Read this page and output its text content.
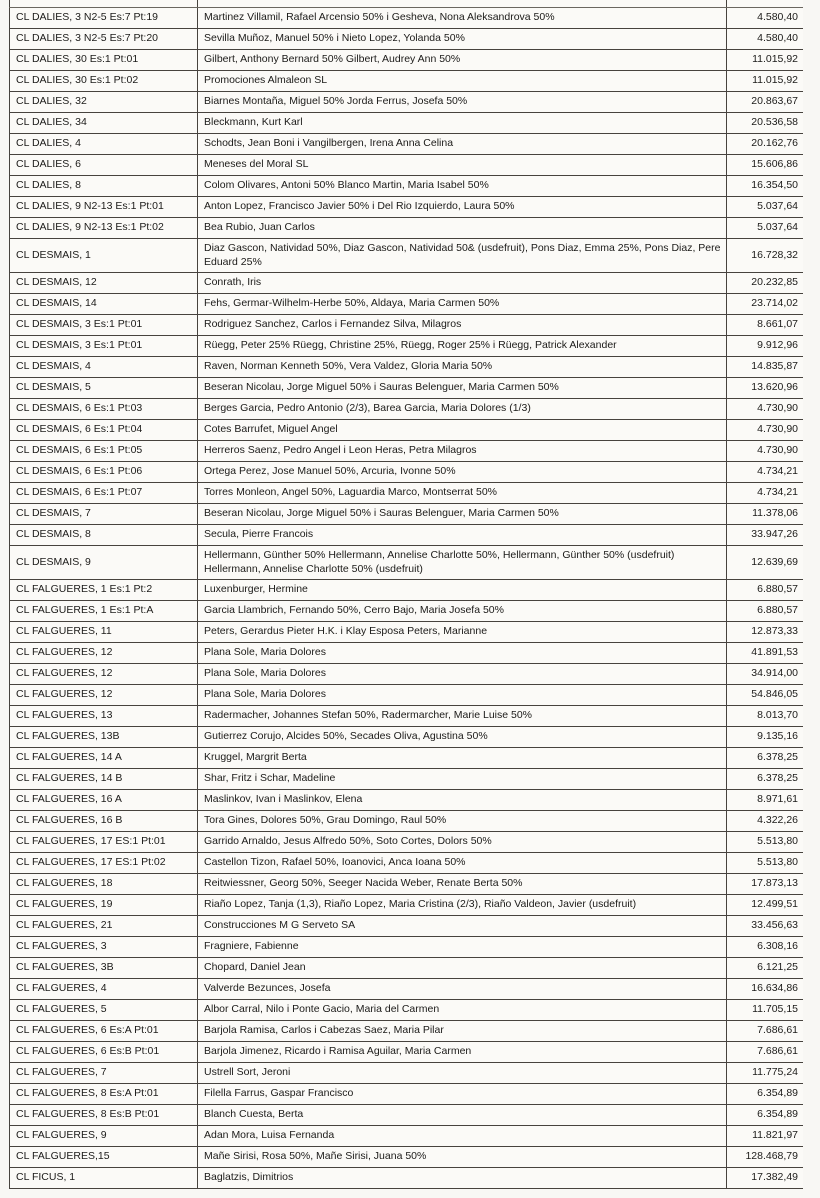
CL DALIES, 3 N2-5 Es:7 Pt:19	Martinez Villamil, Rafael Arcensio 50% i Gesheva, Nona Aleksandrova 50%	4.580,40
CL DALIES, 3 N2-5 Es:7 Pt:20	Sevilla Muñoz, Manuel 50% i Nieto Lopez, Yolanda 50%	4.580,40
CL DALIES, 30 Es:1 Pt:01	Gilbert, Anthony Bernard 50% Gilbert, Audrey Ann 50%	11.015,92
CL DALIES, 30 Es:1 Pt:02	Promociones Almaleon SL	11.015,92
CL DALIES, 32	Biarnes Montaña, Miguel 50% Jorda Ferrus, Josefa 50%	20.863,67
CL DALIES, 34	Bleckmann, Kurt Karl	20.536,58
CL DALIES, 4	Schodts, Jean Boni i Vangilbergen, Irena Anna Celina	20.162,76
CL DALIES, 6	Meneses del Moral SL	15.606,86
CL DALIES, 8	Colom Olivares, Antoni 50% Blanco Martin, Maria Isabel 50%	16.354,50
CL DALIES, 9 N2-13 Es:1 Pt:01	Anton Lopez, Francisco Javier 50% i Del Rio Izquierdo, Laura 50%	5.037,64
CL DALIES, 9 N2-13 Es:1 Pt:02	Bea Rubio, Juan Carlos	5.037,64
CL DESMAIS, 1	Diaz Gascon, Natividad 50%, Diaz Gascon, Natividad 50& (usdefruit), Pons Diaz, Emma 25%, Pons Diaz, Pere Eduard 25%	16.728,32
CL DESMAIS, 12	Conrath, Iris	20.232,85
CL DESMAIS, 14	Fehs, Germar-Wilhelm-Herbe 50%, Aldaya, Maria Carmen 50%	23.714,02
CL DESMAIS, 3 Es:1 Pt:01	Rodriguez Sanchez, Carlos i Fernandez Silva, Milagros	8.661,07
CL DESMAIS, 3 Es:1 Pt:01	Rüegg, Peter 25% Rüegg, Christine 25%, Rüegg, Roger 25% i Rüegg, Patrick Alexander	9.912,96
CL DESMAIS, 4	Raven, Norman Kenneth 50%, Vera Valdez, Gloria Maria 50%	14.835,87
CL DESMAIS, 5	Beseran Nicolau, Jorge Miguel 50% i Sauras Belenguer, Maria Carmen 50%	13.620,96
CL DESMAIS, 6 Es:1 Pt:03	Berges Garcia, Pedro Antonio (2/3), Barea Garcia, Maria Dolores (1/3)	4.730,90
CL DESMAIS, 6 Es:1 Pt:04	Cotes Barrufet, Miguel Angel	4.730,90
CL DESMAIS, 6 Es:1 Pt:05	Herreros Saenz, Pedro Angel i Leon Heras, Petra Milagros	4.730,90
CL DESMAIS, 6 Es:1 Pt:06	Ortega Perez, Jose Manuel 50%, Arcuria, Ivonne 50%	4.734,21
CL DESMAIS, 6 Es:1 Pt:07	Torres Monleon, Angel 50%, Laguardia Marco, Montserrat 50%	4.734,21
CL DESMAIS, 7	Beseran Nicolau, Jorge Miguel 50% i Sauras Belenguer, Maria Carmen 50%	11.378,06
CL DESMAIS, 8	Secula, Pierre Francois	33.947,26
CL DESMAIS, 9	Hellermann, Günther 50% Hellermann, Annelise Charlotte 50%, Hellermann, Günther 50% (usdefruit) Hellermann, Annelise Charlotte 50% (usdefruit)	12.639,69
CL FALGUERES, 1 Es:1 Pt:2	Luxenburger, Hermine	6.880,57
CL FALGUERES, 1 Es:1 Pt:A	Garcia Llambrich, Fernando 50%, Cerro Bajo, Maria Josefa 50%	6.880,57
CL FALGUERES, 11	Peters, Gerardus Pieter H.K. i Klay Esposa Peters, Marianne	12.873,33
CL FALGUERES, 12	Plana Sole, Maria Dolores	41.891,53
CL FALGUERES, 12	Plana Sole, Maria Dolores	34.914,00
CL FALGUERES, 12	Plana Sole, Maria Dolores	54.846,05
CL FALGUERES, 13	Radermacher, Johannes Stefan 50%, Radermarcher, Marie Luise 50%	8.013,70
CL FALGUERES, 13B	Gutierrez Corujo, Alcides 50%, Secades Oliva, Agustina 50%	9.135,16
CL FALGUERES, 14 A	Kruggel, Margrit Berta	6.378,25
CL FALGUERES, 14 B	Shar, Fritz i Schar, Madeline	6.378,25
CL FALGUERES, 16 A	Maslinkov, Ivan i Maslinkov, Elena	8.971,61
CL FALGUERES, 16 B	Tora Gines, Dolores 50%, Grau Domingo, Raul 50%	4.322,26
CL FALGUERES, 17 ES:1 Pt:01	Garrido Arnaldo, Jesus Alfredo 50%, Soto Cortes, Dolors 50%	5.513,80
CL FALGUERES, 17 ES:1 Pt:02	Castellon Tizon, Rafael 50%, Ioanovici, Anca Ioana 50%	5.513,80
CL FALGUERES, 18	Reitwiessner, Georg 50%, Seeger Nacida Weber, Renate Berta 50%	17.873,13
CL FALGUERES, 19	Riaño Lopez, Tanja (1,3), Riaño Lopez, Maria Cristina (2/3), Riaño Valdeon, Javier (usdefruit)	12.499,51
CL FALGUERES, 21	Construcciones M G Serveto SA	33.456,63
CL FALGUERES, 3	Fragniere, Fabienne	6.308,16
CL FALGUERES, 3B	Chopard, Daniel Jean	6.121,25
CL FALGUERES, 4	Valverde Bezunces, Josefa	16.634,86
CL FALGUERES, 5	Albor Carral, Nilo i Ponte Gacio, Maria del Carmen	11.705,15
CL FALGUERES, 6 Es:A Pt:01	Barjola Ramisa, Carlos i Cabezas Saez, Maria Pilar	7.686,61
CL FALGUERES, 6 Es:B Pt:01	Barjola Jimenez, Ricardo i Ramisa Aguilar, Maria Carmen	7.686,61
CL FALGUERES, 7	Ustrell Sort, Jeroni	11.775,24
CL FALGUERES, 8 Es:A Pt:01	Filella Farrus, Gaspar Francisco	6.354,89
CL FALGUERES, 8 Es:B Pt:01	Blanch Cuesta, Berta	6.354,89
CL FALGUERES, 9	Adan Mora, Luisa Fernanda	11.821,97
CL FALGUERES,15	Mañe Sirisi, Rosa 50%, Mañe Sirisi, Juana 50%	128.468,79
CL FICUS, 1	Baglatzis, Dimitrios	17.382,49
